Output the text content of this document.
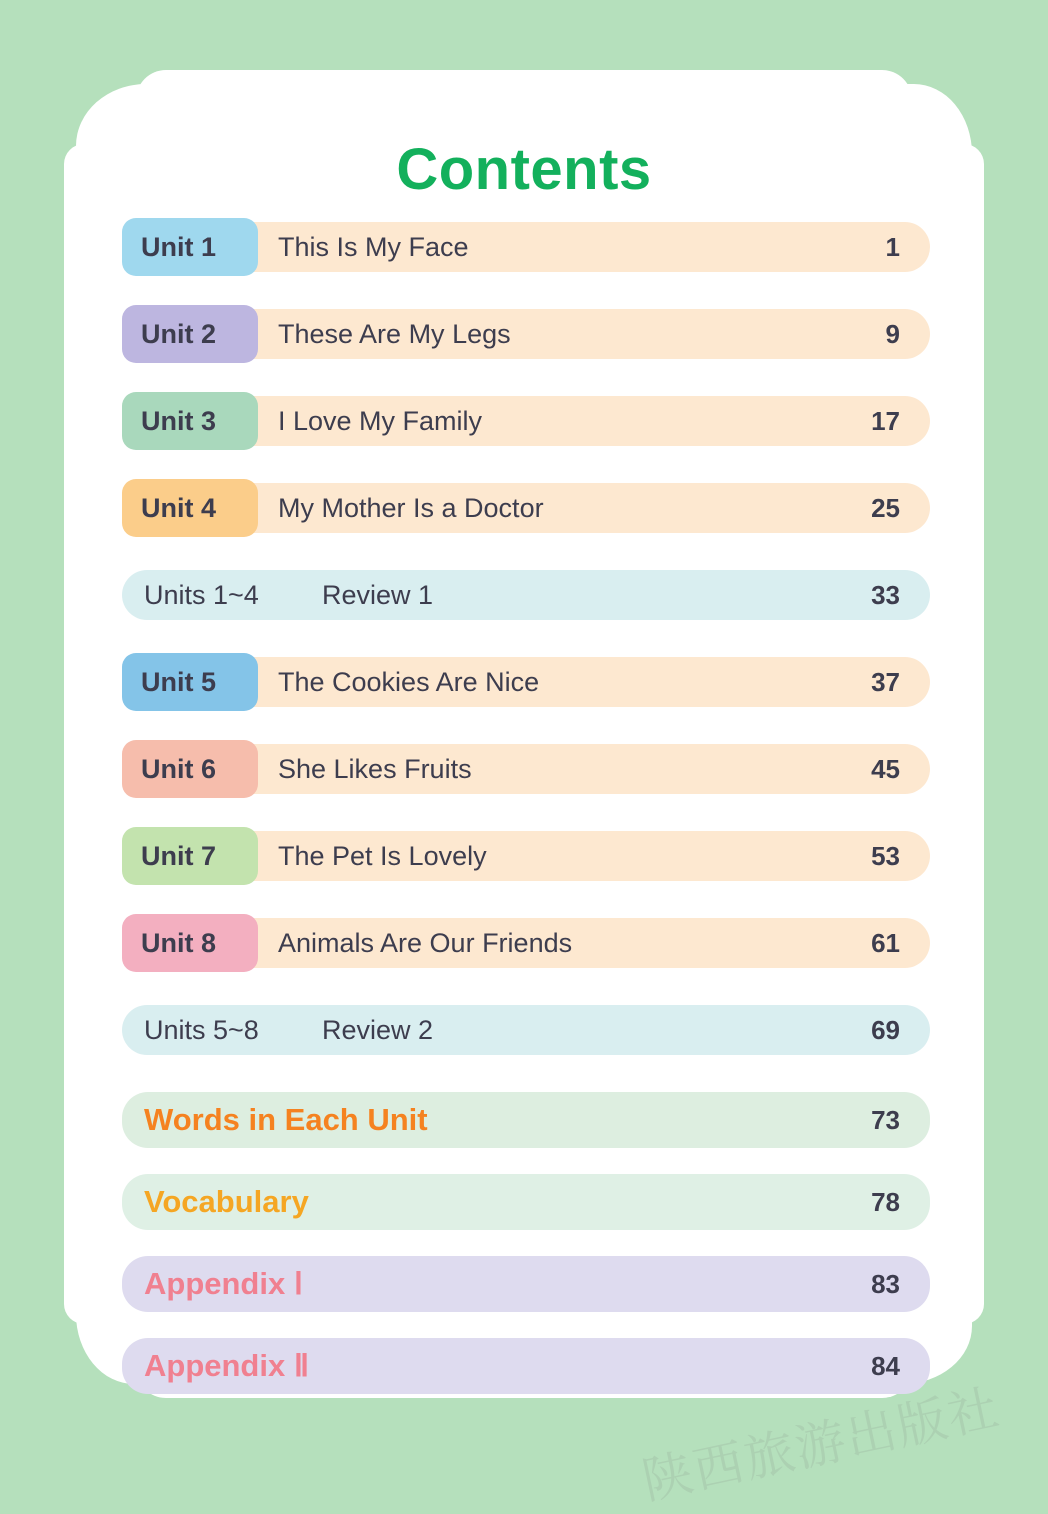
Contents
Unit 1	This Is My Face	1
Unit 2	These Are My Legs	9
Unit 3	I Love My Family	17
Unit 4	My Mother Is a Doctor	25
Units 1~4 Review 1	33
Unit 5	The Cookies Are Nice	37
Unit 6	She Likes Fruits	45
Unit 7	The Pet Is Lovely	53
Unit 8	Animals Are Our Friends	61
Units 5~8 Review 2	69
Words in Each Unit	73
Vocabulary	78
Appendix Ⅰ	83
Appendix Ⅱ	84
陕西旅游出版社
